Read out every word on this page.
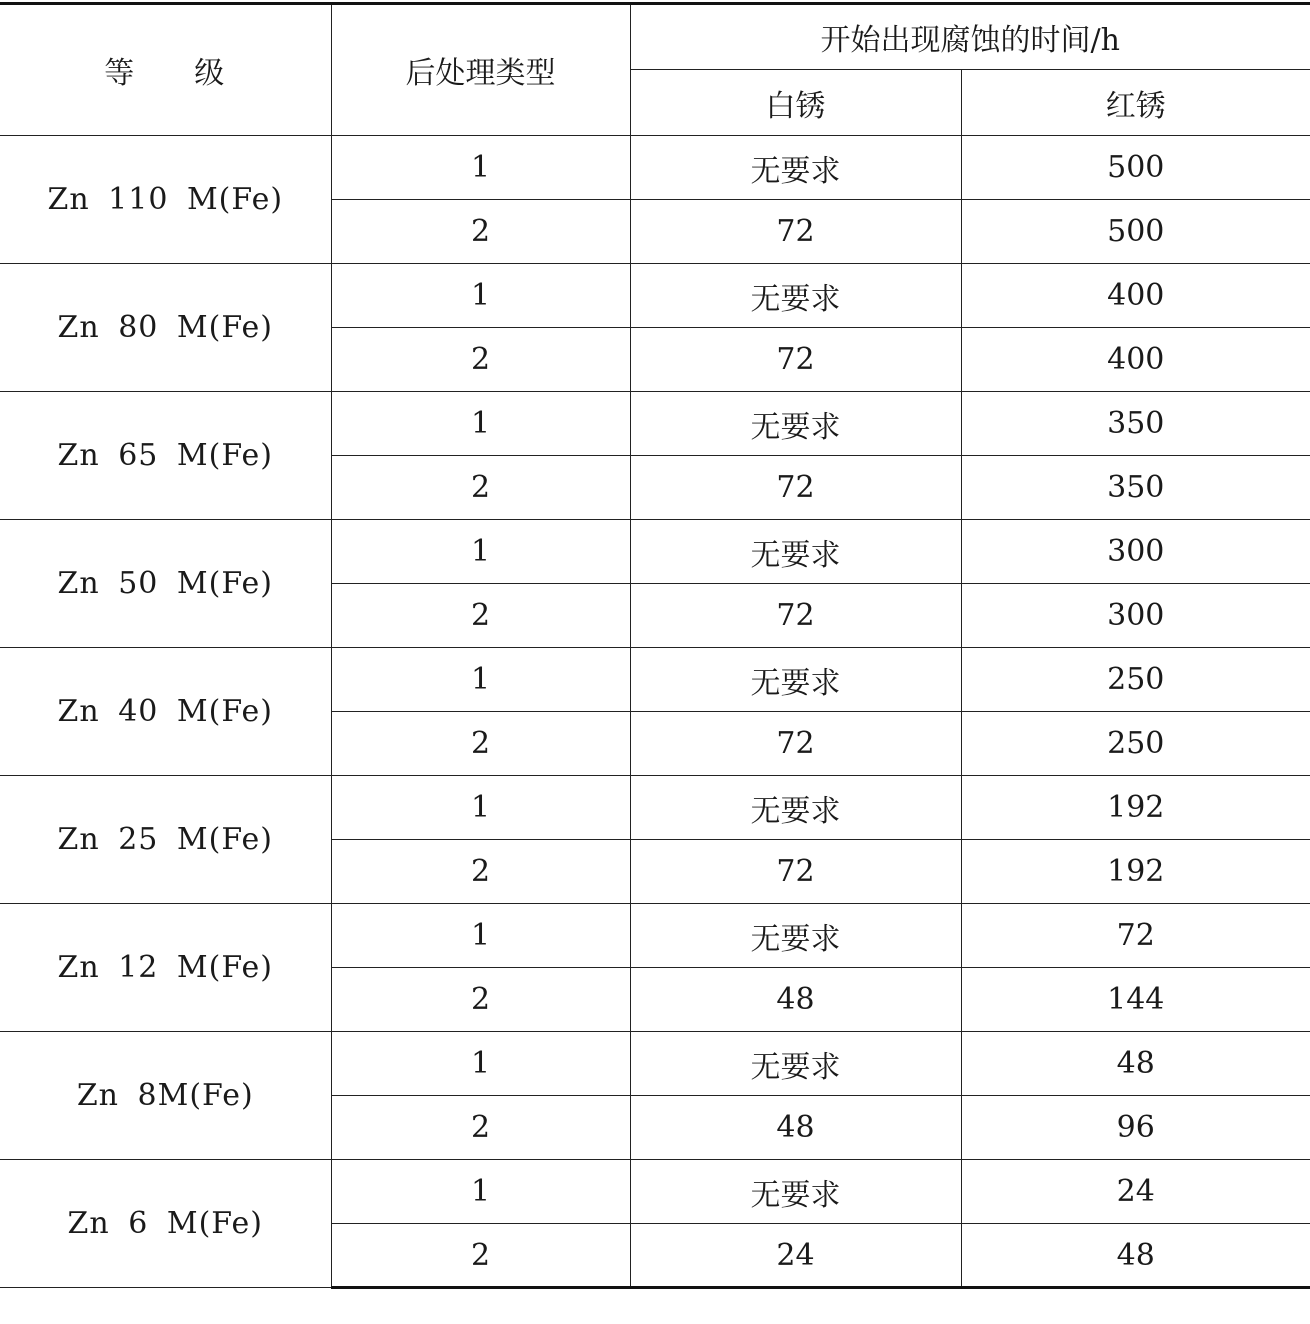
等 级	后处理类型	开始出现腐蚀的时间/h	
		白锈	红锈
Zn 110 M(Fe)	1	无要求	500
	2	72	500
Zn 80 M(Fe)	1	无要求	400
	2	72	400
Zn 65 M(Fe)	1	无要求	350
	2	72	350
Zn 50 M(Fe)	1	无要求	300
	2	72	300
Zn 40 M(Fe)	1	无要求	250
	2	72	250
Zn 25 M(Fe)	1	无要求	192
	2	72	192
Zn 12 M(Fe)	1	无要求	72
	2	48	144
Zn 8M(Fe)	1	无要求	48
	2	48	96
Zn 6 M(Fe)	1	无要求	24
	2	24	48
